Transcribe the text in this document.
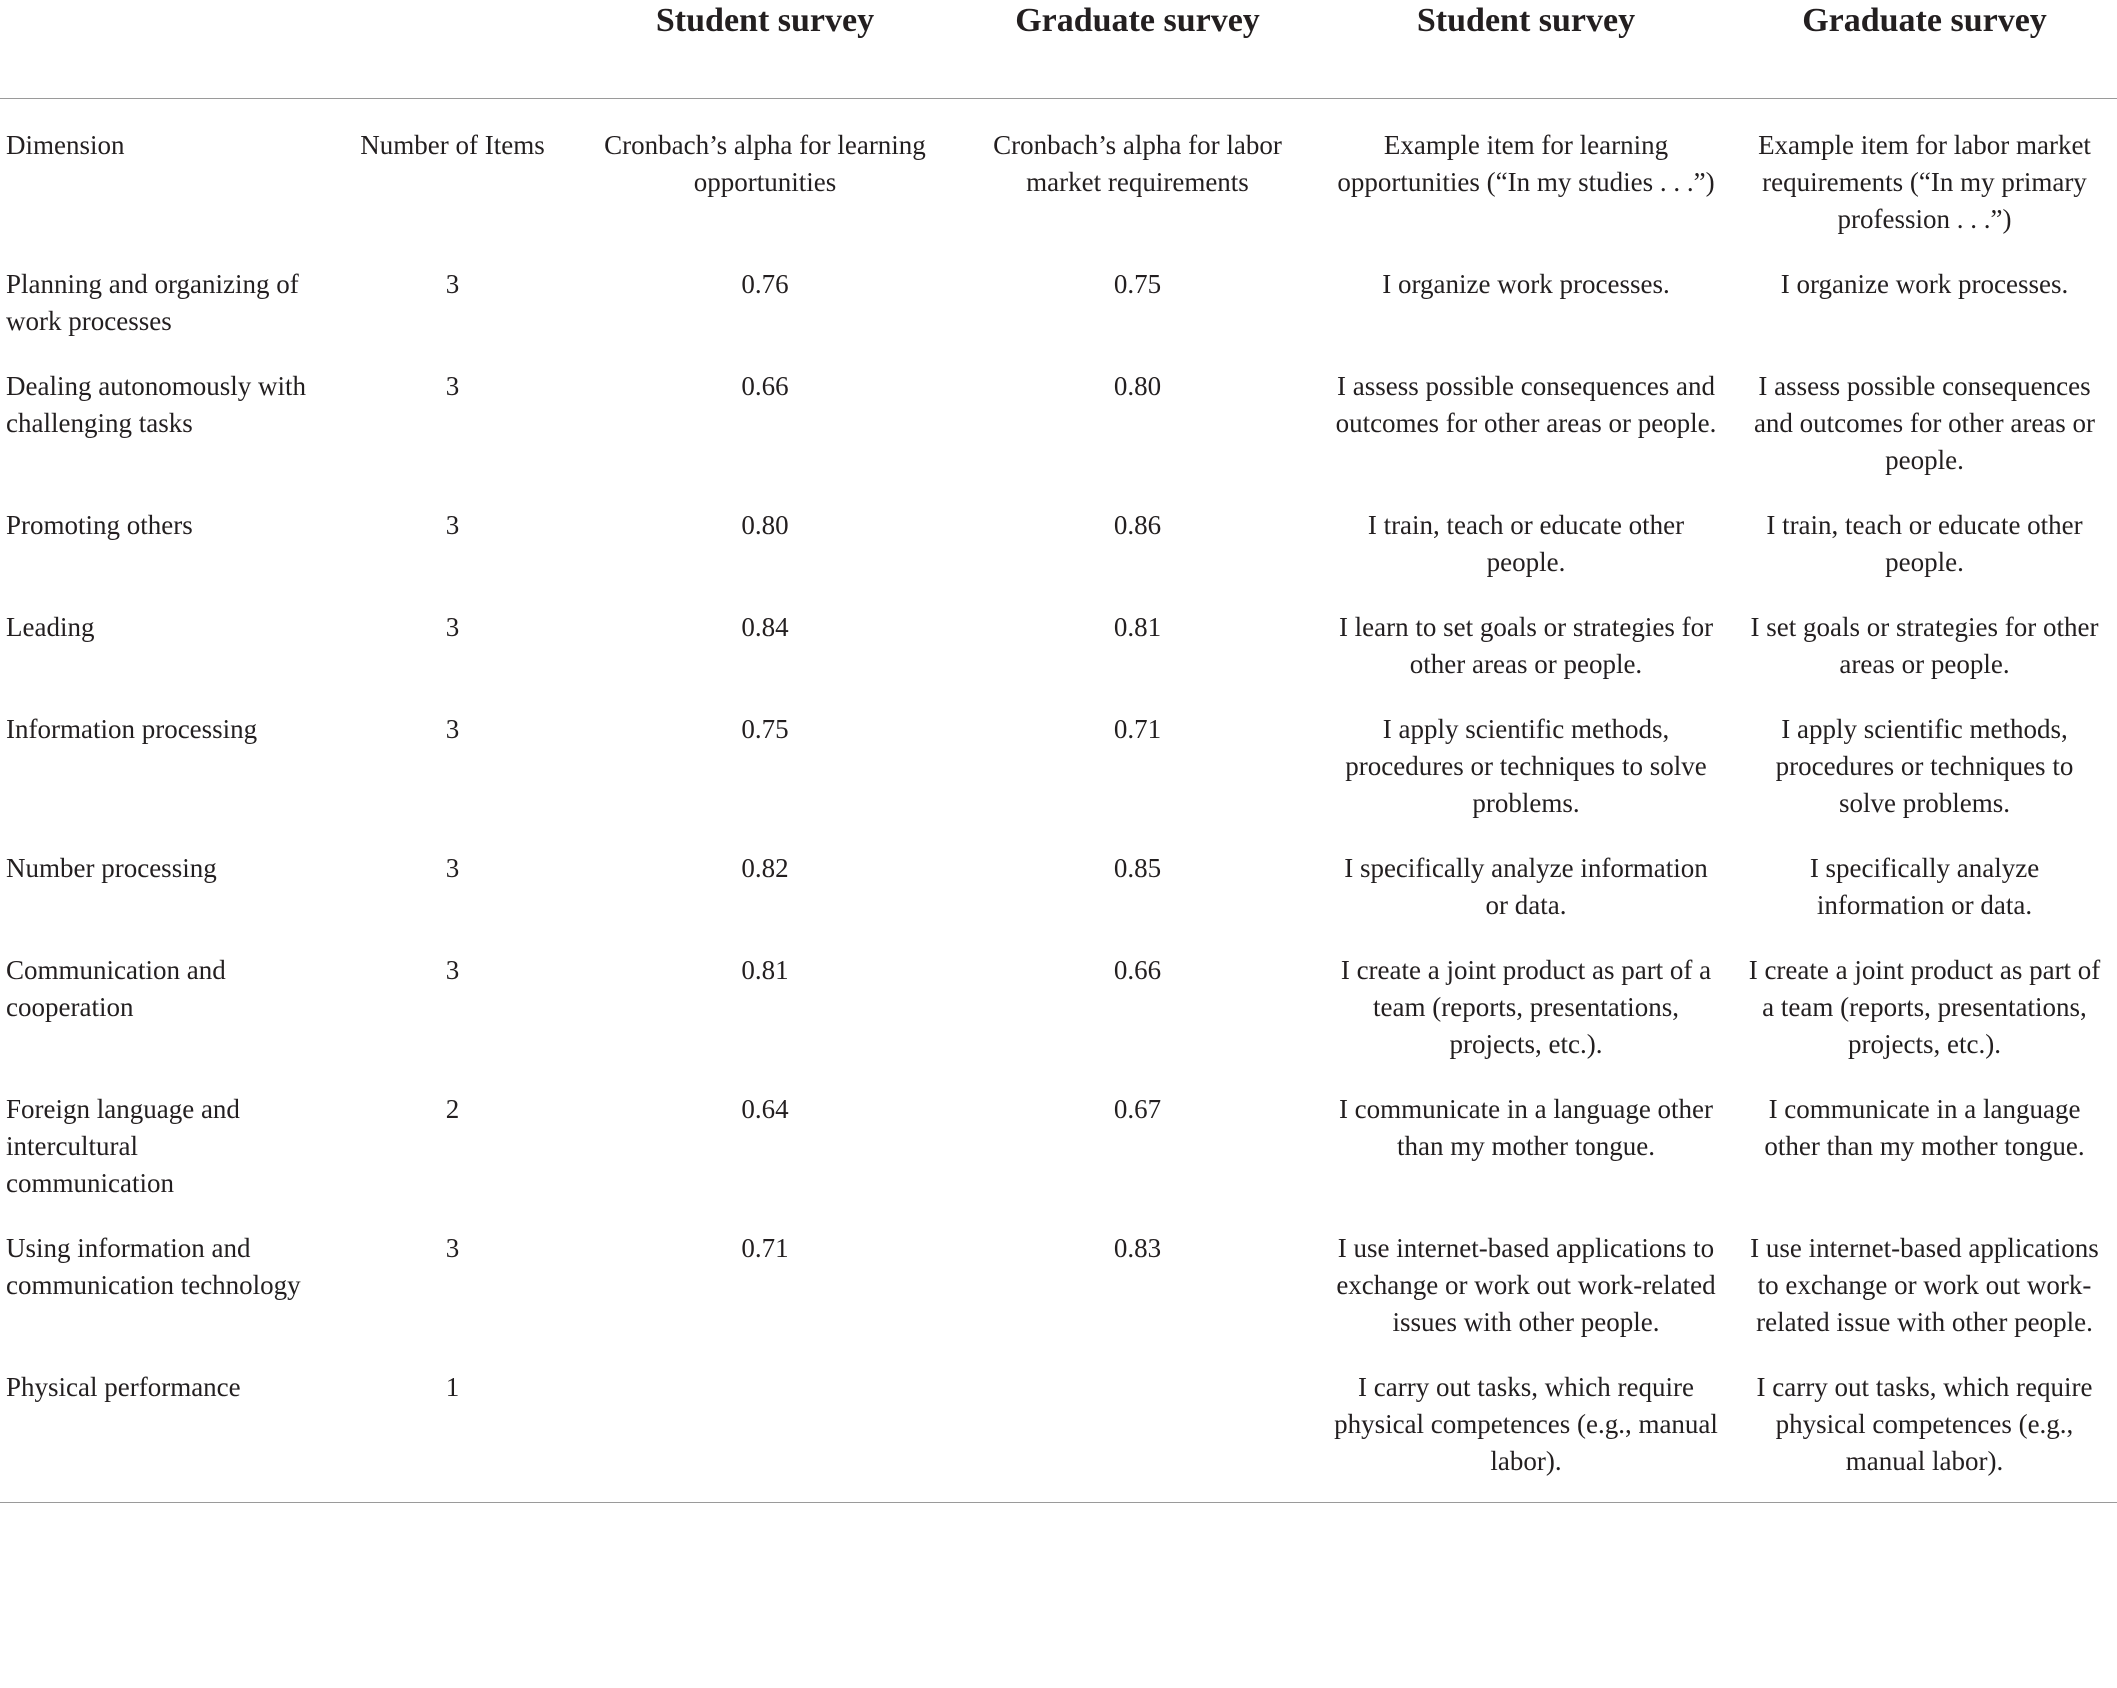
		Student survey	Graduate survey	Student survey	Graduate survey
Dimension	Number of Items	Cronbach’s alpha for learning opportunities	Cronbach’s alpha for labor market requirements	Example item for learning opportunities (“In my studies . . .”)	Example item for labor market requirements (“In my primary profession . . .”)
Planning and organizing of work processes	3	0.76	0.75	I organize work processes.	I organize work processes.
Dealing autonomously with challenging tasks	3	0.66	0.80	I assess possible consequences and outcomes for other areas or people.	I assess possible consequences and outcomes for other areas or people.
Promoting others	3	0.80	0.86	I train, teach or educate other people.	I train, teach or educate other people.
Leading	3	0.84	0.81	I learn to set goals or strategies for other areas or people.	I set goals or strategies for other areas or people.
Information processing	3	0.75	0.71	I apply scientific methods, procedures or techniques to solve problems.	I apply scientific methods, procedures or techniques to solve problems.
Number processing	3	0.82	0.85	I specifically analyze information or data.	I specifically analyze information or data.
Communication and cooperation	3	0.81	0.66	I create a joint product as part of a team (reports, presentations, projects, etc.).	I create a joint product as part of a team (reports, presentations, projects, etc.).
Foreign language and intercultural communication	2	0.64	0.67	I communicate in a language other than my mother tongue.	I communicate in a language other than my mother tongue.
Using information and communication technology	3	0.71	0.83	I use internet-based applications to exchange or work out work-related issues with other people.	I use internet-based applications to exchange or work out work-related issue with other people.
Physical performance	1			I carry out tasks, which require physical competences (e.g., manual labor).	I carry out tasks, which require physical competences (e.g., manual labor).
